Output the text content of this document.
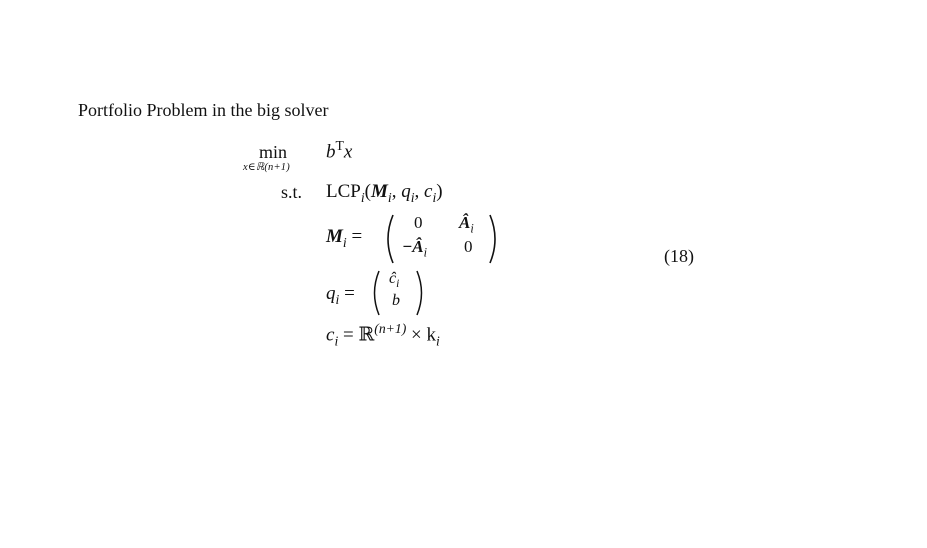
Portfolio Problem in the big solver
min
x∈ℝ(n+1)
$b^Tx$
s.t. $LCP_i(M_i$, $q_i$, $c_i$)
$M_i$ =
0 $Â_i$
$-Â_i$ 0
$q_i$ =
$ĉ_i$
b
$c_i$ = ℝ$^{(n+1)}$ × $k_i$
(18)
